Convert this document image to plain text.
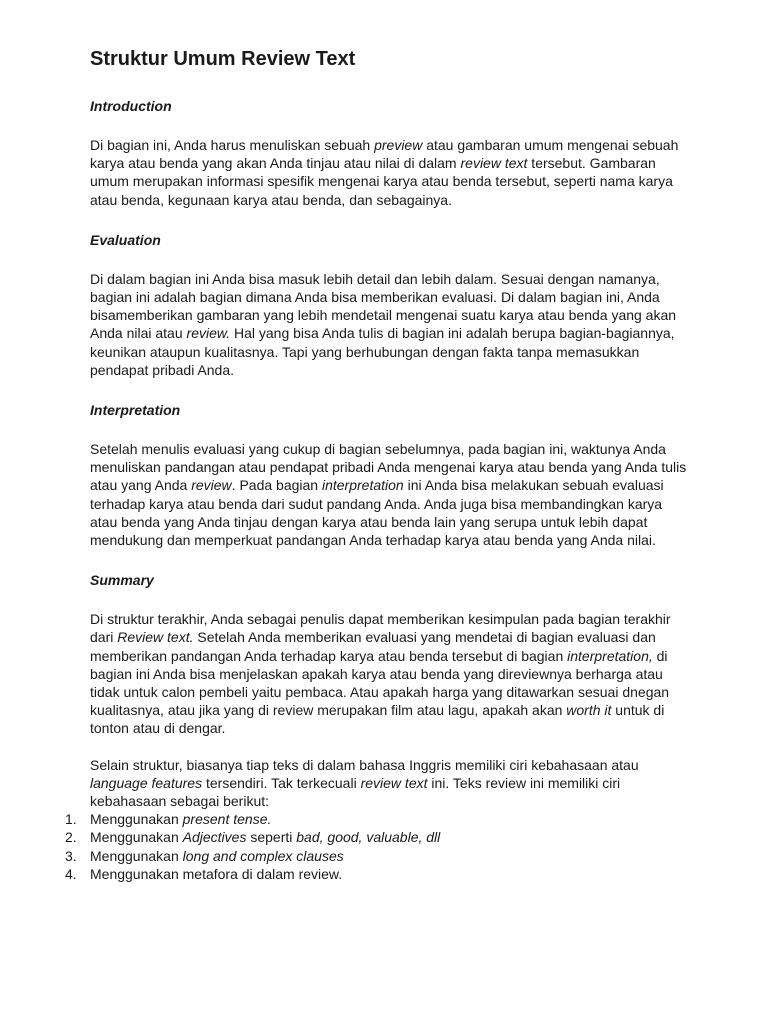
Struktur Umum Review Text
Introduction

Di bagian ini, Anda harus menuliskan sebuah preview atau gambaran umum mengenai sebuah karya atau benda yang akan Anda tinjau atau nilai di dalam review text tersebut. Gambaran umum merupakan informasi spesifik mengenai karya atau benda tersebut, seperti nama karya atau benda, kegunaan karya atau benda, dan sebagainya.

Evaluation

Di dalam bagian ini Anda bisa masuk lebih detail dan lebih dalam. Sesuai dengan namanya, bagian ini adalah bagian dimana Anda bisa memberikan evaluasi. Di dalam bagian ini, Anda bisamemberikan gambaran yang lebih mendetail mengenai suatu karya atau benda yang akan Anda nilai atau review. Hal yang bisa Anda tulis di bagian ini adalah berupa bagian-bagiannya, keunikan ataupun kualitasnya. Tapi yang berhubungan dengan fakta tanpa memasukkan pendapat pribadi Anda.

Interpretation

Setelah menulis evaluasi yang cukup di bagian sebelumnya, pada bagian ini, waktunya Anda menuliskan pandangan atau pendapat pribadi Anda mengenai karya atau benda yang Anda tulis atau yang Anda review. Pada bagian interpretation ini Anda bisa melakukan sebuah evaluasi terhadap karya atau benda dari sudut pandang Anda. Anda juga bisa membandingkan karya atau benda yang Anda tinjau dengan karya atau benda lain yang serupa untuk lebih dapat mendukung dan memperkuat pandangan Anda terhadap karya atau benda yang Anda nilai.

Summary

Di struktur terakhir, Anda sebagai penulis dapat memberikan kesimpulan pada bagian terakhir dari Review text. Setelah Anda memberikan evaluasi yang mendetai di bagian evaluasi dan memberikan pandangan Anda terhadap karya atau benda tersebut di bagian interpretation, di bagian ini Anda bisa menjelaskan apakah karya atau benda yang direviewnya berharga atau tidak untuk calon pembeli yaitu pembaca. Atau apakah harga yang ditawarkan sesuai dnegan kualitasnya, atau jika yang di review merupakan film atau lagu, apakah akan worth it untuk di tonton atau di dengar.

Selain struktur, biasanya tiap teks di dalam bahasa Inggris memiliki ciri kebahasaan atau language features tersendiri. Tak terkecuali review text ini. Teks review ini memiliki ciri kebahasaan sebagai berikut:

1. Menggunakan present tense.
2. Menggunakan Adjectives seperti bad, good, valuable, dll
3. Menggunakan long and complex clauses
4. Menggunakan metafora di dalam review.
